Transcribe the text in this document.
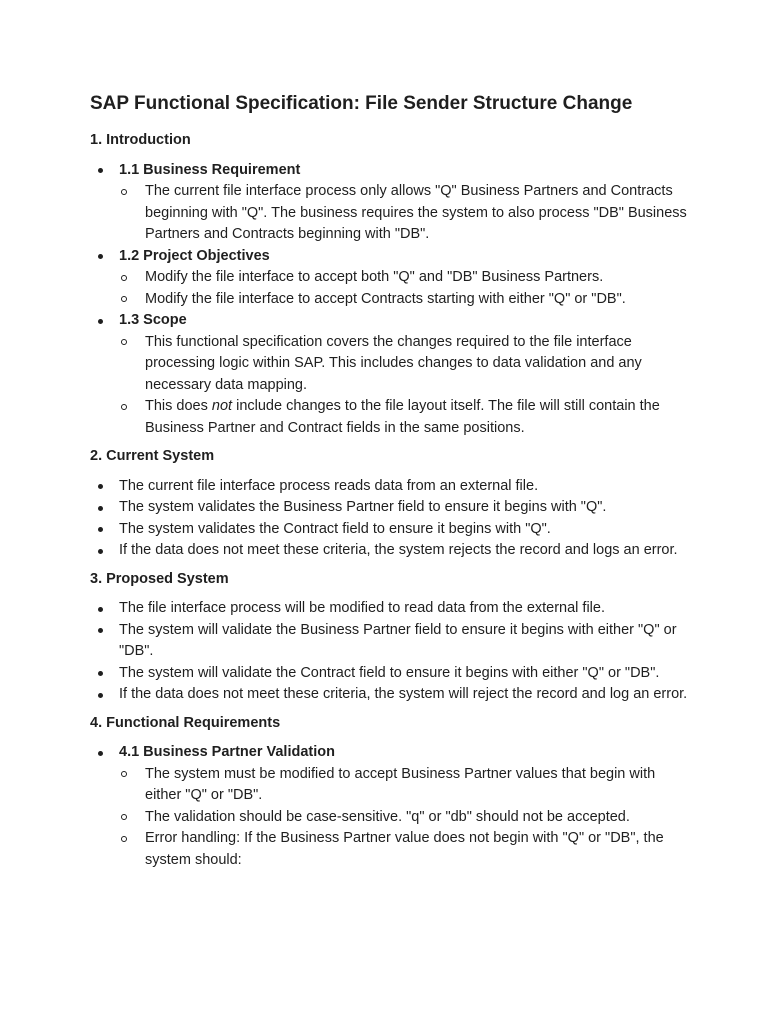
SAP Functional Specification: File Sender Structure Change
1. Introduction
1.1 Business Requirement
The current file interface process only allows "Q" Business Partners and Contracts beginning with "Q". The business requires the system to also process "DB" Business Partners and Contracts beginning with "DB".
1.2 Project Objectives
Modify the file interface to accept both "Q" and "DB" Business Partners.
Modify the file interface to accept Contracts starting with either "Q" or "DB".
1.3 Scope
This functional specification covers the changes required to the file interface processing logic within SAP. This includes changes to data validation and any necessary data mapping.
This does not include changes to the file layout itself. The file will still contain the Business Partner and Contract fields in the same positions.
2. Current System
The current file interface process reads data from an external file.
The system validates the Business Partner field to ensure it begins with "Q".
The system validates the Contract field to ensure it begins with "Q".
If the data does not meet these criteria, the system rejects the record and logs an error.
3. Proposed System
The file interface process will be modified to read data from the external file.
The system will validate the Business Partner field to ensure it begins with either "Q" or "DB".
The system will validate the Contract field to ensure it begins with either "Q" or "DB".
If the data does not meet these criteria, the system will reject the record and log an error.
4. Functional Requirements
4.1 Business Partner Validation
The system must be modified to accept Business Partner values that begin with either "Q" or "DB".
The validation should be case-sensitive. "q" or "db" should not be accepted.
Error handling: If the Business Partner value does not begin with "Q" or "DB", the system should:
